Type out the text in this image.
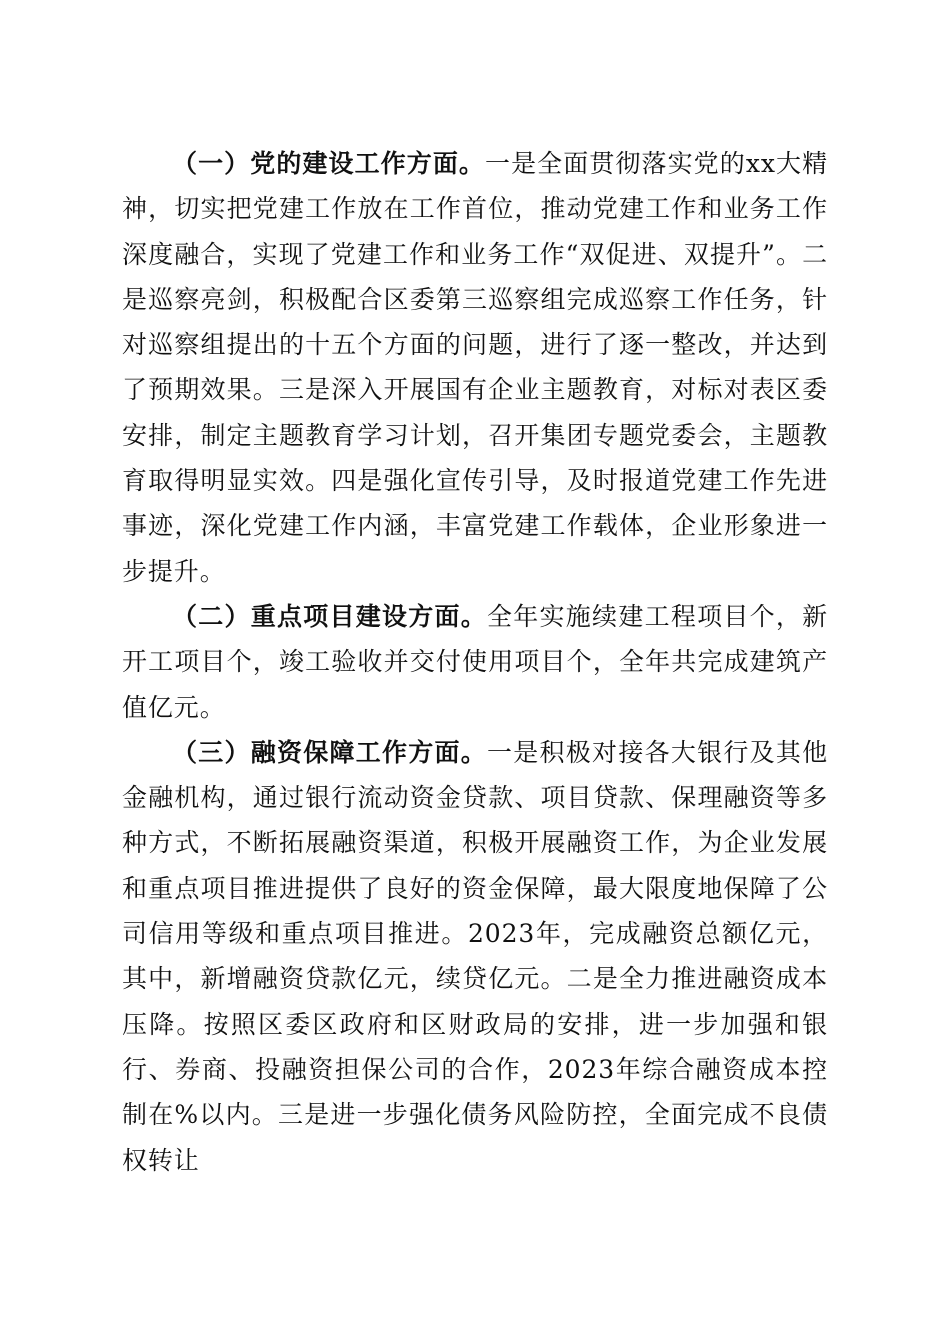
（一）党的建设工作方面。一是全面贯彻落实党的xx大精神，切实把党建工作放在工作首位，推动党建工作和业务工作深度融合，实现了党建工作和业务工作“双促进、双提升”。二是巡察亮剑，积极配合区委第三巡察组完成巡察工作任务，针对巡察组提出的十五个方面的问题，进行了逐一整改，并达到了预期效果。三是深入开展国有企业主题教育，对标对表区委安排，制定主题教育学习计划，召开集团专题党委会，主题教育取得明显实效。四是强化宣传引导，及时报道党建工作先进事迹，深化党建工作内涵，丰富党建工作载体，企业形象进一步提升。

（二）重点项目建设方面。全年实施续建工程项目个，新开工项目个，竣工验收并交付使用项目个，全年共完成建筑产值亿元。

（三）融资保障工作方面。一是积极对接各大银行及其他金融机构，通过银行流动资金贷款、项目贷款、保理融资等多种方式，不断拓展融资渠道，积极开展融资工作，为企业发展和重点项目推进提供了良好的资金保障，最大限度地保障了公司信用等级和重点项目推进。2023年，完成融资总额亿元，其中，新增融资贷款亿元，续贷亿元。二是全力推进融资成本压降。按照区委区政府和区财政局的安排，进一步加强和银行、券商、投融资担保公司的合作，2023年综合融资成本控制在%以内。三是进一步强化债务风险防控，全面完成不良债权转让
